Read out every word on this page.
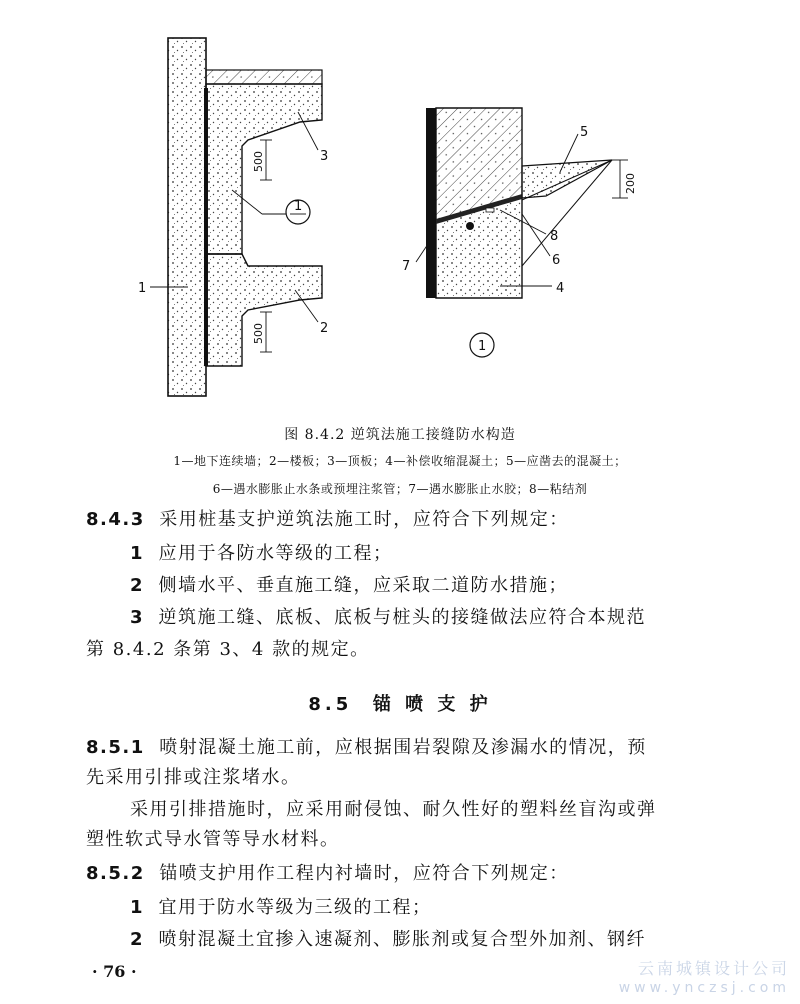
500
500
1
2
3
1
200
5
8
6
4
7
1
图 8.4.2 逆筑法施工接缝防水构造
1—地下连续墙；2—楼板；3—顶板；4—补偿收缩混凝土；5—应凿去的混凝土；
6—遇水膨胀止水条或预埋注浆管；7—遇水膨胀止水胶；8—粘结剂
8.4.3 采用桩基支护逆筑法施工时，应符合下列规定：
1 应用于各防水等级的工程；
2 侧墙水平、垂直施工缝，应采取二道防水措施；
3 逆筑施工缝、底板、底板与桩头的接缝做法应符合本规范
第 8.4.2 条第 3、4 款的规定。
8.5 锚 喷 支 护
8.5.1 喷射混凝土施工前，应根据围岩裂隙及渗漏水的情况，预
先采用引排或注浆堵水。
采用引排措施时，应采用耐侵蚀、耐久性好的塑料丝盲沟或弹
塑性软式导水管等导水材料。
8.5.2 锚喷支护用作工程内衬墙时，应符合下列规定：
1 宜用于防水等级为三级的工程；
2 喷射混凝土宜掺入速凝剂、膨胀剂或复合型外加剂、钢纤
· 76 ·	云南城镇设计公司
www.ynczsj.com
